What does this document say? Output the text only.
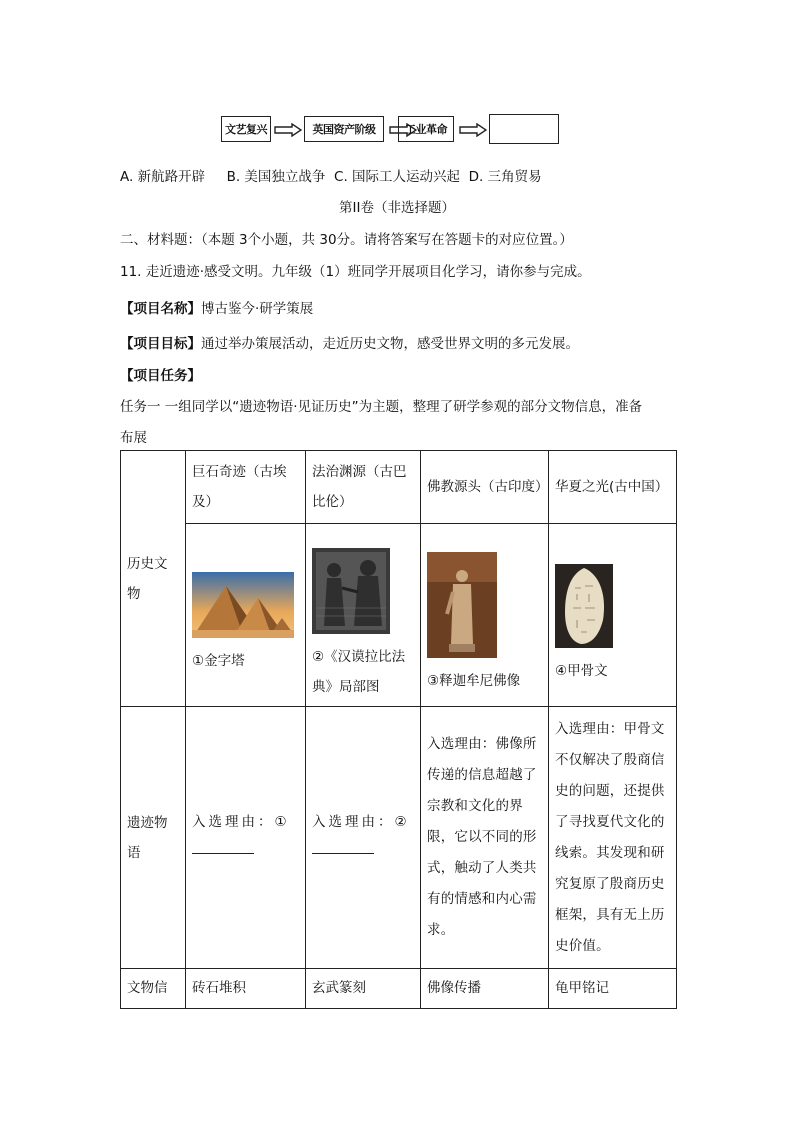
文艺复兴	英国资产阶级	工业革命
A. 新航路开辟 B. 美国独立战争 C. 国际工人运动兴起 D. 三角贸易
第II卷（非选择题）
二、材料题：（本题 3个小题，共 30分。请将答案写在答题卡的对应位置。）
11. 走近遗迹·感受文明。九年级（1）班同学开展项目化学习，请你参与完成。
【项目名称】博古鉴今·研学策展
【项目目标】通过举办策展活动，走近历史文物，感受世界文明的多元发展。
【项目任务】
任务一 一组同学以“遗迹物语·见证历史”为主题，整理了研学参观的部分文物信息，准备
布展
历史文物	巨石奇迹（古埃及）	法治渊源（古巴比伦）	佛教源头（古印度）	华夏之光(古中国）

	①金字塔	②《汉谟拉比法典》局部图	③释迦牟尼佛像	④甲骨文

遗迹物语	入选理由：①	入选理由：②	入选理由：佛像所传递的信息超越了宗教和文化的界限，它以不同的形式，触动了人类共有的情感和内心需求。	入选理由：甲骨文不仅解决了殷商信史的问题，还提供了寻找夏代文化的线索。其发现和研究复原了殷商历史框架，具有无上历史价值。
文物信	砖石堆积	玄武篆刻	佛像传播	龟甲铭记
